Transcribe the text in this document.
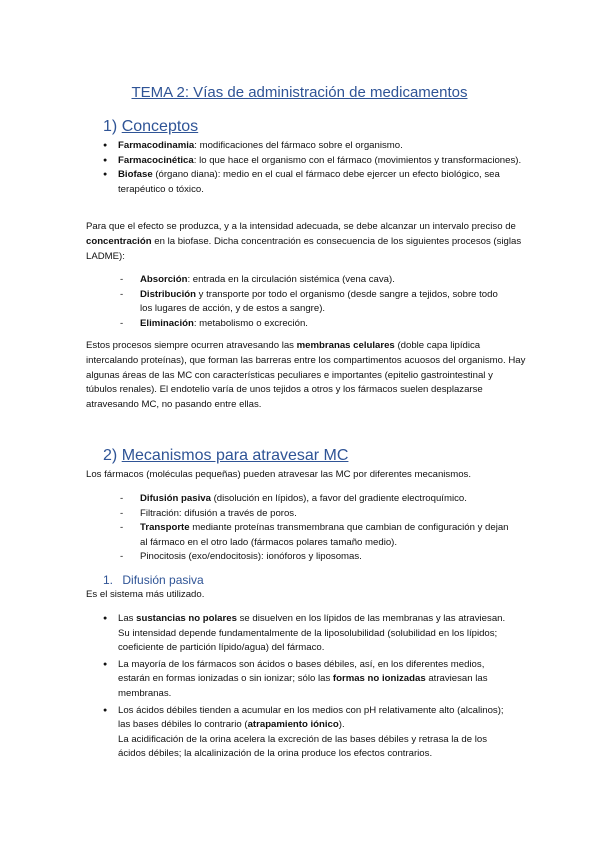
TEMA 2: Vías de administración de medicamentos
1) Conceptos
● Farmacodinamia: modificaciones del fármaco sobre el organismo.
● Farmacocinética: lo que hace el organismo con el fármaco (movimientos y transformaciones).
● Biofase (órgano diana): medio en el cual el fármaco debe ejercer un efecto biológico, sea terapéutico o tóxico.

Para que el efecto se produzca, y a la intensidad adecuada, se debe alcanzar un intervalo preciso de concentración en la biofase. Dicha concentración es consecuencia de los siguientes procesos (siglas LADME):

- Absorción: entrada en la circulación sistémica (vena cava).
- Distribución y transporte por todo el organismo (desde sangre a tejidos, sobre todo los lugares de acción, y de estos a sangre).
- Eliminación: metabolismo o excreción.

Estos procesos siempre ocurren atravesando las membranas celulares (doble capa lipídica intercalando proteínas), que forman las barreras entre los compartimentos acuosos del organismo. Hay algunas áreas de las MC con características peculiares e importantes (epitelio gastrointestinal y túbulos renales). El endotelio varía de unos tejidos a otros y los fármacos suelen desplazarse atravesando MC, no pasando entre ellas.

2) Mecanismos para atravesar MC

Los fármacos (moléculas pequeñas) pueden atravesar las MC por diferentes mecanismos.

- Difusión pasiva (disolución en lípidos), a favor del gradiente electroquímico.
- Filtración: difusión a través de poros.
- Transporte mediante proteínas transmembrana que cambian de configuración y dejan al fármaco en el otro lado (fármacos polares tamaño medio).
- Pinocitosis (exo/endocitosis): ionóforos y liposomas.
1. Difusión pasiva

Es el sistema más utilizado.

● Las sustancias no polares se disuelven en los lípidos de las membranas y las atraviesan. Su intensidad depende fundamentalmente de la liposolubilidad (solubilidad en los lípidos; coeficiente de partición lípido/agua) del fármaco.
● La mayoría de los fármacos son ácidos o bases débiles, así, en los diferentes medios, estarán en formas ionizadas o sin ionizar; sólo las formas no ionizadas atraviesan las membranas.
● Los ácidos débiles tienden a acumular en los medios con pH relativamente alto (alcalinos); las bases débiles lo contrario (atrapamiento iónico).
La acidificación de la orina acelera la excreción de las bases débiles y retrasa la de los ácidos débiles; la alcalinización de la orina produce los efectos contrarios.
